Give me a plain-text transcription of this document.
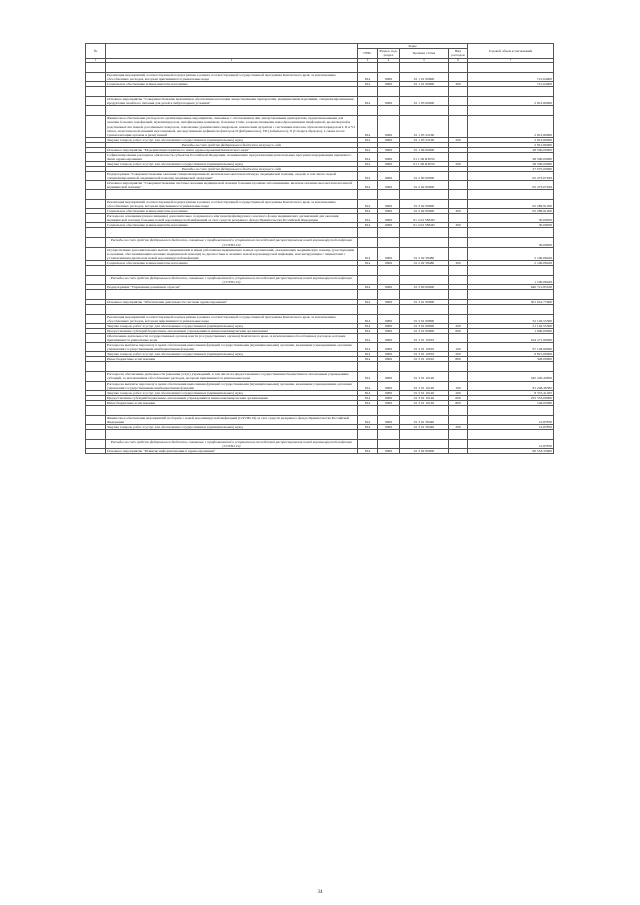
№		Коды				Годовой объем ассигнований
		ГРБС	Раздел, под-раздел	Целевая статья	Вид расходов	
1	2	3	4	5	6	7

	Реализация мероприятий соответствующей подпрограммы в рамках соответствующей государственной программы Камчатского края, за исключением обособленных расходов, которым присваиваются уникальные коды	814	0909	01 1 01 09990		721,64000
	Социальное обеспечение и иные выплаты населению	814	0909	01 1 01 09990	300	721,64000

	Основное мероприятие "Совершенствование механизмов обеспечения населения лекарственными препаратами, медицинскими изделиями, специализированными продуктами лечебного питания для детей в амбулаторных условиях"	814	0909	01 1 03 00000		2 812,80000

	Финансовое обеспечение расходов на организационные мероприятия, связанные с обеспечением лиц лекарственными препаратами, предназначенными для лечения больных гемофилией, муковисцидозом, гипофизарным нанизмом, болезнью Гоше, злокачественными новообразованиями лимфоидной, кроветворной и родственных им тканей, рассеянным склерозом, гемолитико-уремическим синдромом, юношеским артритом с системным началом, мукополисахаридозом I, II и VI типов, апластической анемией неуточненной, наследственным дефицитом факторов II (фибриногена), VII (лабильного), X (Стюарта-Прауэра), а также после трансплантации органов и (или) тканей	814	0909	01 1 03 52160		2 812,80000
	Закупка товаров, работ и услуг для обеспечения государственных (муниципальных) нужд	814	0909	01 1 03 52160	200	2 812,80000
	Расходы за счет средств федерального бюджета текущего года					2 812,80000
	Основное мероприятие "Модернизация первичного звена здравоохранения Камчатского края"	814	0909	01 1 06 00000		28 500,00000
	Софинансирование расходных обязательств субъектов Российской Федерации, возникающих при реализации региональных программ модернизации первичного звена здравоохранения	814	0909	01 1 06 R3650		28 500,00000
	Закупка товаров, работ и услуг для обеспечения государственных (муниципальных) нужд	814	0909	01 1 06 R3650	200	28 500,00000
	Расходы за счет средств федерального бюджета текущего года					27 075,00000
	Подпрограмма "Совершенствование оказания специализированной, включая высокотехнологичную, медицинской помощи, скорой, в том числе скорой специализированной, медицинской помощи, медицинской эвакуации"	814	0909	01 2 00 00000		65 473,07629
	Основное мероприятие "Совершенствование системы оказания медицинской помощи больным прочими заболеваниями, включая оказание высокотехнологичной медицинской помощи"	814	0909	01 2 02 00000		65 473,07629

	Реализация мероприятий соответствующей подпрограммы в рамках соответствующей государственной программы Камчатского края, за исключением обособленных расходов, которым присваиваются уникальные коды	814	0909	01 2 02 09990		65 286,91200
	Социальное обеспечение и иные выплаты населению	814	0909	01 2 02 09990	300	65 286,91200
	Расходы на оснащение (переоснащение) дополнительно создаваемого или перепрофилируемого коечного фонда медицинских организаций для оказания медицинской помощи больным новой коронавирусной инфекцией за счет средств резервного фонда Правительства Российской Федерации	814	0909	01 2 02 5832D		30,00000
	Социальное обеспечение и иные выплаты населению	814	0909	01 2 02 5832D	300	30,00000

	Расходы за счет средств федерального бюджета, связанные с профилактикой и устранением последствий распространения новой коронавирусной инфекции (COVID-19)					30,00000
	Осуществление дополнительных выплат медицинским и иным работникам медицинских и иных организаций, оказывающих медицинскую помощь (участвующим в оказании, обеспечивающим оказание медицинской помощи) по диагностике и лечению новой коронавирусной инфекции, контактирующим с пациентами с установленным диагнозом новой коронавирусной инфекции	814	0909	01 2 02 58480		2 100,08429
	Социальное обеспечение и иные выплаты населению	814	0909	01 2 02 58480	300	2 100,08429

	Расходы за счет средств федерального бюджета, связанные с профилактикой и устранением последствий распространения новой коронавирусной инфекции (COVID-19)					1 100,08429
	Подпрограмма "Управление развитием отрасли"	814	0909	01 3 00 00000		640 721,85100

	Основное мероприятие "Обеспечение деятельности системы здравоохранения"	814	0909	01 3 01 00000		501 631,77600

	Реализация мероприятий соответствующей подпрограммы в рамках соответствующей государственной программы Камчатского края, за исключением обособленных расходов, которым присваиваются уникальные коды	814	0909	01 3 01 09990		52 102,55300
	Закупка товаров, работ и услуг для обеспечения государственных (муниципальных) нужд	814	0909	01 3 01 09990	200	51 102,55300
	Предоставление субсидий бюджетным, автономным учреждениям и иным некоммерческим организациям	814	0909	01 3 01 09990	600	1 000,00000
	Обеспечение деятельности государственных органов власти (государственных органов) Камчатского края, за исключением обособленных расходов, которым присваиваются уникальные коды	814	0909	01 3 01 10010		104 271,90000
	Расходы на выплаты персоналу в целях обеспечения выполнения функций государственными (муниципальными) органами, казенными учреждениями, органами управления государственными внебюджетными фондами	814	0909	01 3 01 10010	100	97 128,90000
	Закупка товаров, работ и услуг для обеспечения государственных (муниципальных) нужд	814	0909	01 3 01 10010	200	6 815,00000
	Иные бюджетные ассигнования	814	0909	01 3 01 10010	800	328,00000

	Расходы на обеспечение деятельности (оказание услуг) учреждений, в том числе на предоставление государственным бюджетным и автономным учреждениям субсидий, за исключением обособленных расходов, которым присваиваются уникальные коды	814	0909	01 3 01 10140		345 220,43850
	Расходы на выплаты персоналу в целях обеспечения выполнения функций государственными (муниципальными) органами, казенными учреждениями, органами управления государственными внебюджетными фондами	814	0909	01 3 01 10140	100	81 248,49585
	Закупка товаров, работ и услуг для обеспечения государственных (муниципальных) нужд	814	0909	01 3 01 10140	200	8 372,41205
	Предоставление субсидий бюджетным, автономным учреждениям и иным некоммерческим организациям	814	0909	01 3 01 10140	600	255 553,00000
	Иные бюджетные ассигнования	814	0909	01 3 01 10140	800	146,02060

	Финансовое обеспечение мероприятий по борьбе с новой коронавирусной инфекцией (COVID-19) за счет средств резервного фонда Правительства Российской Федерации	814	0909	01 3 01 58440		12,87850
	Закупка товаров, работ и услуг для обеспечения государственных (муниципальных) нужд	814	0909	01 3 01 58440	200	12,87850

	Расходы за счет средств федерального бюджета, связанные с профилактикой и устранением последствий распространения новой коронавирусной инфекции (COVID-19)					12,87850
	Основное мероприятие "Развитие информатизации в здравоохранении"	814	0909	01 3 02 00000		60 518,33900
34
